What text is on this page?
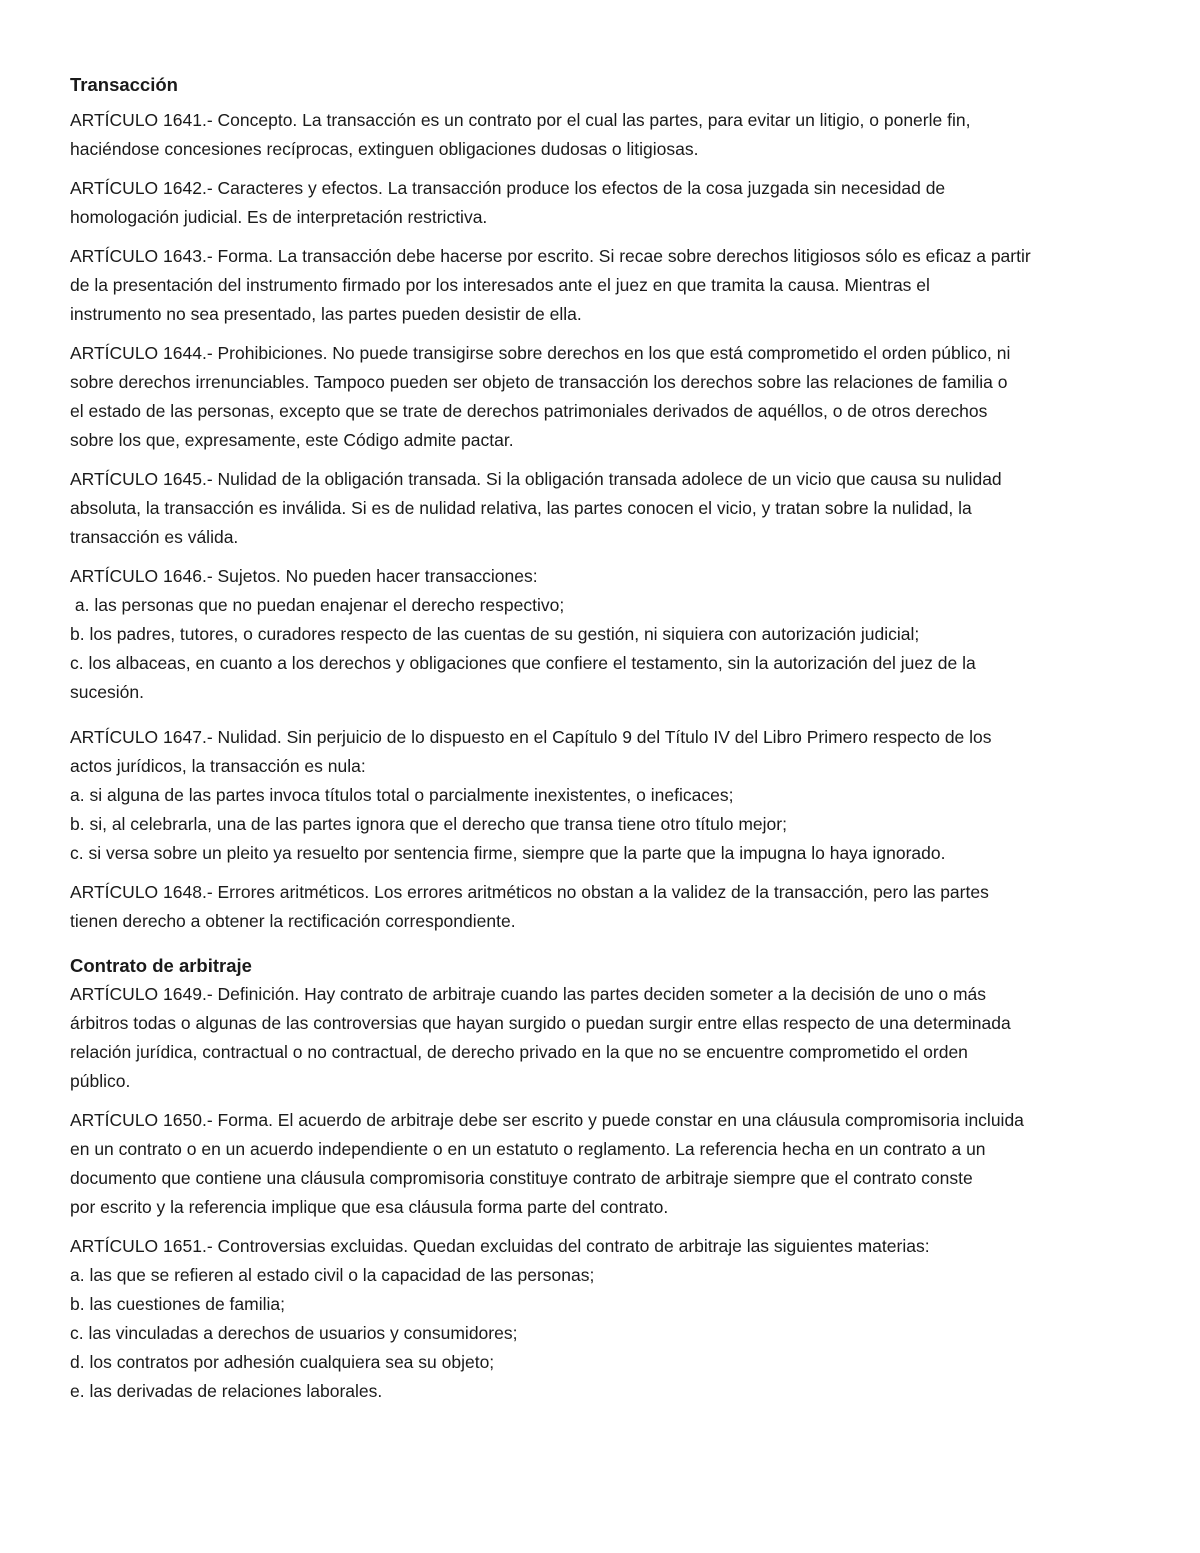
Transacción

ARTÍCULO 1641.- Concepto. La transacción es un contrato por el cual las partes, para evitar un litigio, o ponerle fin,
haciéndose concesiones recíprocas, extinguen obligaciones dudosas o litigiosas.
ARTÍCULO 1642.- Caracteres y efectos. La transacción produce los efectos de la cosa juzgada sin necesidad de
homologación judicial. Es de interpretación restrictiva.
ARTÍCULO 1643.- Forma. La transacción debe hacerse por escrito. Si recae sobre derechos litigiosos sólo es eficaz a partir
de la presentación del instrumento firmado por los interesados ante el juez en que tramita la causa. Mientras el
instrumento no sea presentado, las partes pueden desistir de ella.
ARTÍCULO 1644.- Prohibiciones. No puede transigirse sobre derechos en los que está comprometido el orden público, ni
sobre derechos irrenunciables. Tampoco pueden ser objeto de transacción los derechos sobre las relaciones de familia o
el estado de las personas, excepto que se trate de derechos patrimoniales derivados de aquéllos, o de otros derechos
sobre los que, expresamente, este Código admite pactar.
ARTÍCULO 1645.- Nulidad de la obligación transada. Si la obligación transada adolece de un vicio que causa su nulidad
absoluta, la transacción es inválida. Si es de nulidad relativa, las partes conocen el vicio, y tratan sobre la nulidad, la
transacción es válida.
ARTÍCULO 1646.- Sujetos. No pueden hacer transacciones:
a. las personas que no puedan enajenar el derecho respectivo;
b. los padres, tutores, o curadores respecto de las cuentas de su gestión, ni siquiera con autorización judicial;
c. los albaceas, en cuanto a los derechos y obligaciones que confiere el testamento, sin la autorización del juez de la
sucesión.
ARTÍCULO 1647.- Nulidad. Sin perjuicio de lo dispuesto en el Capítulo 9 del Título IV del Libro Primero respecto de los
actos jurídicos, la transacción es nula:
a. si alguna de las partes invoca títulos total o parcialmente inexistentes, o ineficaces;
b. si, al celebrarla, una de las partes ignora que el derecho que transa tiene otro título mejor;
c. si versa sobre un pleito ya resuelto por sentencia firme, siempre que la parte que la impugna lo haya ignorado.
ARTÍCULO 1648.- Errores aritméticos. Los errores aritméticos no obstan a la validez de la transacción, pero las partes
tienen derecho a obtener la rectificación correspondiente.

Contrato de arbitraje

ARTÍCULO 1649.- Definición. Hay contrato de arbitraje cuando las partes deciden someter a la decisión de uno o más
árbitros todas o algunas de las controversias que hayan surgido o puedan surgir entre ellas respecto de una determinada
relación jurídica, contractual o no contractual, de derecho privado en la que no se encuentre comprometido el orden
público.
ARTÍCULO 1650.- Forma. El acuerdo de arbitraje debe ser escrito y puede constar en una cláusula compromisoria incluida
en un contrato o en un acuerdo independiente o en un estatuto o reglamento. La referencia hecha en un contrato a un
documento que contiene una cláusula compromisoria constituye contrato de arbitraje siempre que el contrato conste
por escrito y la referencia implique que esa cláusula forma parte del contrato.
ARTÍCULO 1651.- Controversias excluidas. Quedan excluidas del contrato de arbitraje las siguientes materias:
a. las que se refieren al estado civil o la capacidad de las personas;
b. las cuestiones de familia;
c. las vinculadas a derechos de usuarios y consumidores;
d. los contratos por adhesión cualquiera sea su objeto;
e. las derivadas de relaciones laborales.
